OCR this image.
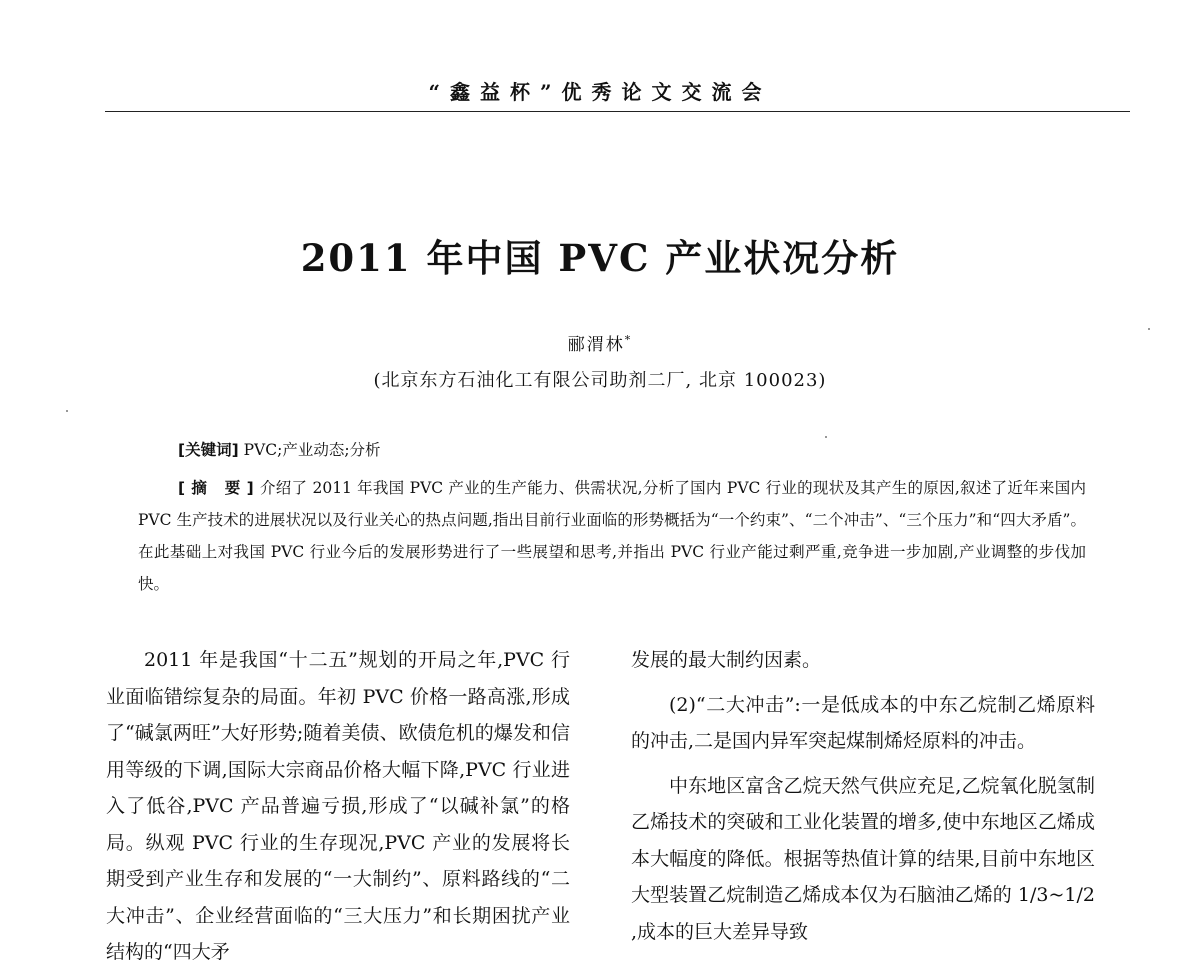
“鑫益杯”优秀论文交流会
2011 年中国 PVC 产业状况分析
郦渭林*
(北京东方石油化工有限公司助剂二厂, 北京 100023)
[关键词] PVC;产业动态;分析
[摘 要]介绍了 2011 年我国 PVC 产业的生产能力、供需状况,分析了国内 PVC 行业的现状及其产生的原因,叙述了近年来国内 PVC 生产技术的进展状况以及行业关心的热点问题,指出目前行业面临的形势概括为“一个约束”、“二个冲击”、“三个压力”和“四大矛盾”。在此基础上对我国 PVC 行业今后的发展形势进行了一些展望和思考,并指出 PVC 行业产能过剩严重,竞争进一步加剧,产业调整的步伐加快。

2011 年是我国“十二五”规划的开局之年,PVC 行业面临错综复杂的局面。年初 PVC 价格一路高涨,形成了“碱氯两旺”大好形势;随着美债、欧债危机的爆发和信用等级的下调,国际大宗商品价格大幅下降,PVC 行业进入了低谷,PVC 产品普遍亏损,形成了“以碱补氯”的格局。纵观 PVC 行业的生存现况,PVC 产业的发展将长期受到产业生存和发展的“一大制约”、原料路线的“二大冲击”、企业经营面临的“三大压力”和长期困扰产业结构的“四大矛

发展的最大制约因素。

(2)“二大冲击”:一是低成本的中东乙烷制乙烯原料的冲击,二是国内异军突起煤制烯烃原料的冲击。

中东地区富含乙烷天然气供应充足,乙烷氧化脱氢制乙烯技术的突破和工业化装置的增多,使中东地区乙烯成本大幅度的降低。根据等热值计算的结果,目前中东地区大型装置乙烷制造乙烯成本仅为石脑油乙烯的 1/3~1/2 ,成本的巨大差异导致
